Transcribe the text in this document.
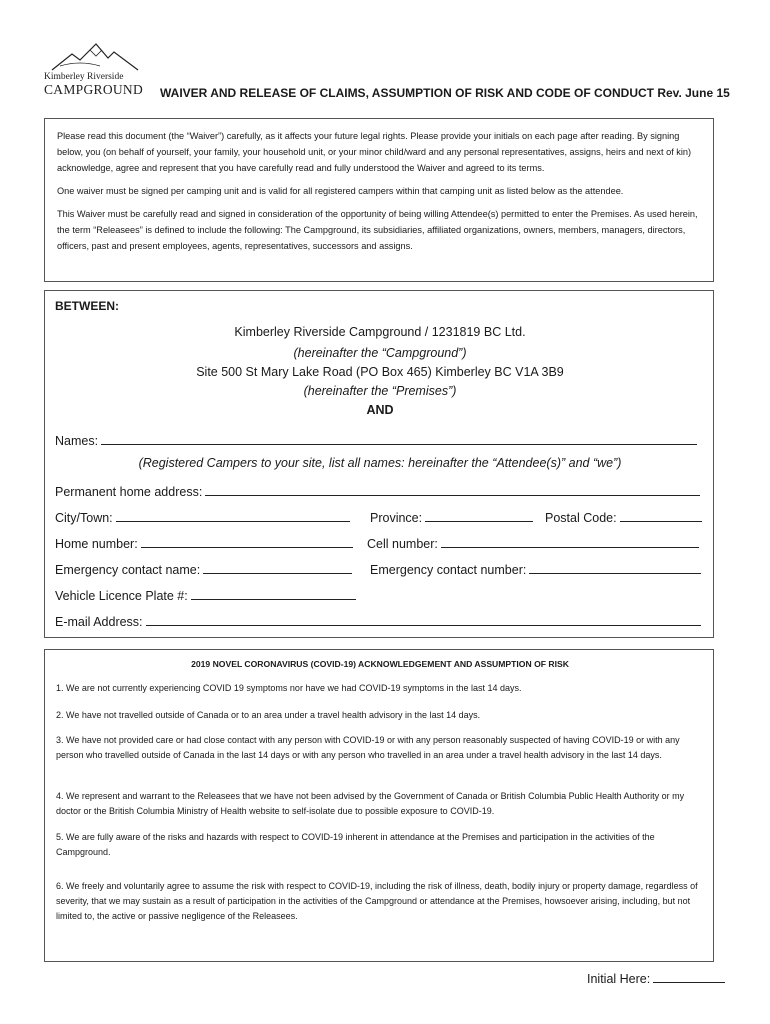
Kimberley Riverside
CAMPGROUND WAIVER AND RELEASE OF CLAIMS, ASSUMPTION OF RISK AND CODE OF CONDUCT Rev. June 15

Please read this document (the “Waiver”) carefully, as it affects your future legal rights. Please provide your initials on each page after reading. By signing below, you (on behalf of yourself, your family, your household unit, or your minor child/ward and any personal representatives, assigns, heirs and next of kin) acknowledge, agree and represent that you have carefully read and fully understood the Waiver and agreed to its terms.

One waiver must be signed per camping unit and is valid for all registered campers within that camping unit as listed below as the attendee.

This Waiver must be carefully read and signed in consideration of the opportunity of being willing Attendee(s) permitted to enter the Premises. As used herein, the term “Releasees” is defined to include the following: The Campground, its subsidiaries, affiliated organizations, owners, members, managers, directors, officers, past and present employees, agents, representatives, successors and assigns.

BETWEEN:
Kimberley Riverside Campground / 1231819 BC Ltd.
(hereinafter the “Campground”)
Site 500 St Mary Lake Road (PO Box 465) Kimberley BC V1A 3B9
(hereinafter the “Premises”)
AND
Names:
(Registered Campers to your site, list all names: hereinafter the “Attendee(s)” and “we”)
Permanent home address:
City/Town:	Province:	Postal Code:
Home number:	Cell number:
Emergency contact name:	Emergency contact number:
Vehicle Licence Plate #:
E-mail Address:
2019 NOVEL CORONAVIRUS (COVID-19) ACKNOWLEDGEMENT AND ASSUMPTION OF RISK

1. We are not currently experiencing COVID 19 symptoms nor have we had COVID-19 symptoms in the last 14 days.

2. We have not travelled outside of Canada or to an area under a travel health advisory in the last 14 days.

3. We have not provided care or had close contact with any person with COVID-19 or with any person reasonably suspected of having COVID-19 or with any person who travelled outside of Canada in the last 14 days or with any person who travelled in an area under a travel health advisory in the last 14 days.

4. We represent and warrant to the Releasees that we have not been advised by the Government of Canada or British Columbia Public Health Authority or my doctor or the British Columbia Ministry of Health website to self-isolate due to possible exposure to COVID-19.

5. We are fully aware of the risks and hazards with respect to COVID-19 inherent in attendance at the Premises and participation in the activities of the Campground.

6. We freely and voluntarily agree to assume the risk with respect to COVID-19, including the risk of illness, death, bodily injury or property damage, regardless of severity, that we may sustain as a result of participation in the activities of the Campground or attendance at the Premises, howsoever arising, including, but not limited to, the active or passive negligence of the Releasees.

Initial Here:
